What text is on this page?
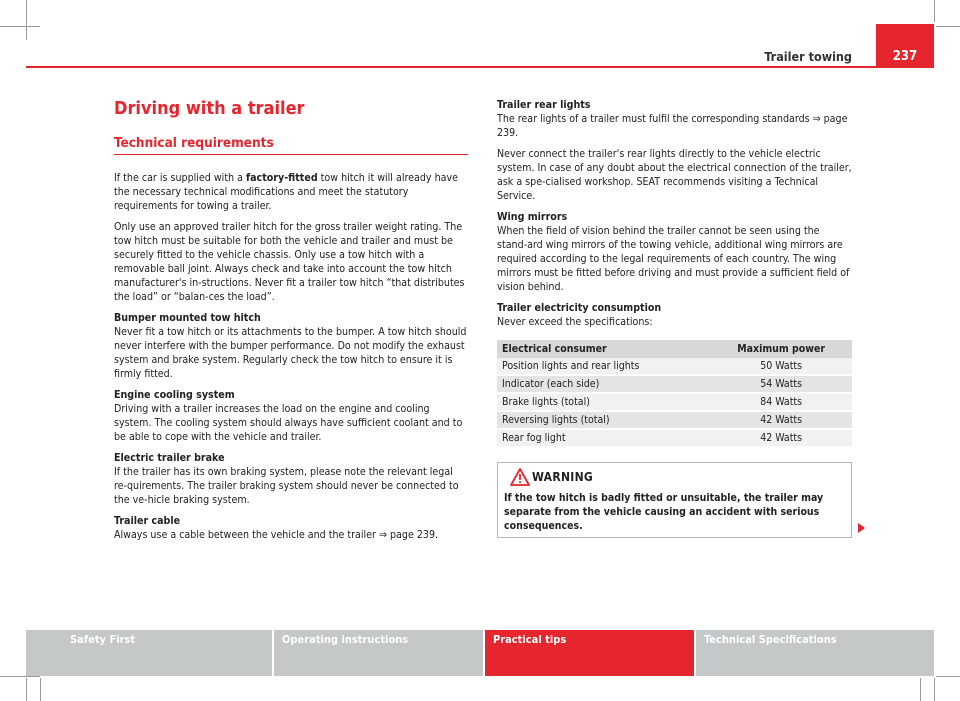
Trailer towing	237
Driving with a trailer
Technical requirements

If the car is supplied with a factory-fitted tow hitch it will already have the necessary technical modifications and meet the statutory requirements for towing a trailer.

Only use an approved trailer hitch for the gross trailer weight rating. The tow hitch must be suitable for both the vehicle and trailer and must be securely fitted to the vehicle chassis. Only use a tow hitch with a removable ball joint. Always check and take into account the tow hitch manufacturer's in-structions. Never fit a trailer tow hitch “that distributes the load” or “balan-ces the load”.

Bumper mounted tow hitch

Never fit a tow hitch or its attachments to the bumper. A tow hitch should never interfere with the bumper performance. Do not modify the exhaust system and brake system. Regularly check the tow hitch to ensure it is firmly fitted.

Engine cooling system

Driving with a trailer increases the load on the engine and cooling system. The cooling system should always have sufficient coolant and to be able to cope with the vehicle and trailer.

Electric trailer brake

If the trailer has its own braking system, please note the relevant legal re-quirements. The trailer braking system should never be connected to the ve-hicle braking system.

Trailer cable

Always use a cable between the vehicle and the trailer ⇒ page 239.

Trailer rear lights

The rear lights of a trailer must fulfil the corresponding standards ⇒ page 239.

Never connect the trailer's rear lights directly to the vehicle electric system. In case of any doubt about the electrical connection of the trailer, ask a spe-cialised workshop. SEAT recommends visiting a Technical Service.

Wing mirrors

When the field of vision behind the trailer cannot be seen using the stand-ard wing mirrors of the towing vehicle, additional wing mirrors are required according to the legal requirements of each country. The wing mirrors must be fitted before driving and must provide a sufficient field of vision behind.

Trailer electricity consumption

Never exceed the specifications:

Electrical consumer	Maximum power
Position lights and rear lights	50 Watts
Indicator (each side)	54 Watts
Brake lights (total)	84 Watts
Reversing lights (total)	42 Watts
Rear fog light	42 Watts
WARNING
If the tow hitch is badly fitted or unsuitable, the trailer may separate from the vehicle causing an accident with serious consequences.
Safety First	Operating instructions	Practical tips	Technical Specifications
